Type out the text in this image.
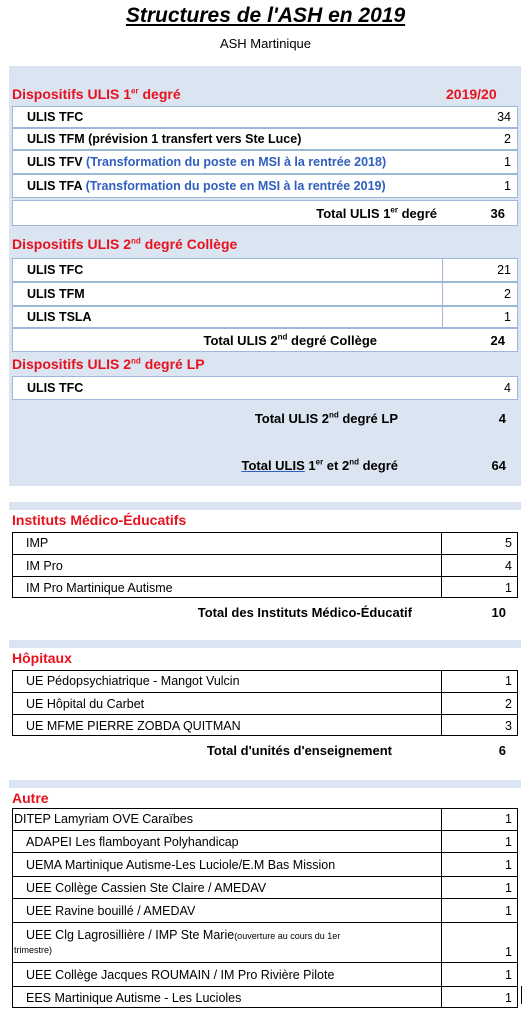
Structures de l'ASH en 2019
ASH Martinique
Dispositifs ULIS 1er degré	2019/20
ULIS TFC	34
ULIS TFM (prévision 1 transfert vers Ste Luce)	2
ULIS TFV (Transformation du poste en MSI à la rentrée 2018)	1
ULIS TFA (Transformation du poste en MSI à la rentrée 2019)	1
Total ULIS 1er degré	36
Dispositifs ULIS 2nd degré Collège
ULIS TFC	21
ULIS TFM	2
ULIS TSLA	1
Total ULIS 2nd degré Collège	24
Dispositifs ULIS 2nd degré LP
ULIS TFC	4
Total ULIS 2nd degré LP	4
Total ULIS 1er et 2nd degré	64
Instituts Médico-Éducatifs
IMP	5
IM Pro	4
IM Pro Martinique Autisme	1
Total des Instituts Médico-Éducatif	10
Hôpitaux
UE Pédopsychiatrique - Mangot Vulcin	1
UE Hôpital du Carbet	2
UE MFME PIERRE ZOBDA QUITMAN	3
Total d'unités d'enseignement	6
Autre
DITEP Lamyriam OVE Caraïbes	1
ADAPEI Les flamboyant Polyhandicap	1
UEMA Martinique Autisme-Les Luciole/E.M Bas Mission	1
UEE Collège Cassien Ste Claire / AMEDAV	1
UEE Ravine bouillé / AMEDAV	1
UEE Clg Lagrosillière / IMP Ste Marie(ouverture au cours du 1er
trimestre)	1
UEE Collège Jacques ROUMAIN / IM Pro Rivière Pilote	1
EES Martinique Autisme - Les Lucioles	1
